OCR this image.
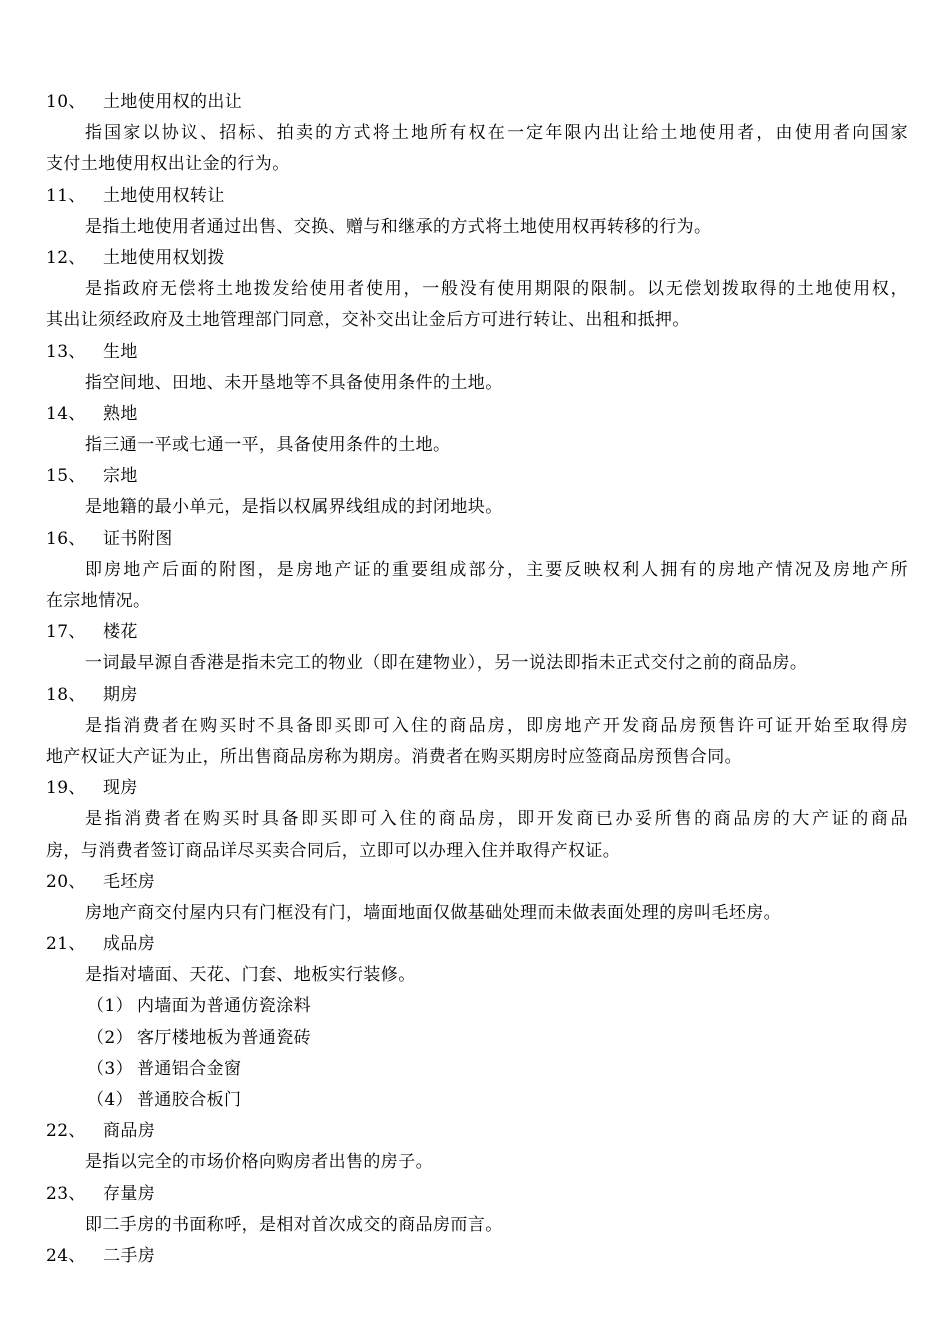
10、 土地使用权的出让
指国家以协议、招标、拍卖的方式将土地所有权在一定年限内出让给土地使用者，由使用者向国家
支付土地使用权出让金的行为。
11、 土地使用权转让
是指土地使用者通过出售、交换、赠与和继承的方式将土地使用权再转移的行为。
12、 土地使用权划拨
是指政府无偿将土地拨发给使用者使用，一般没有使用期限的限制。以无偿划拨取得的土地使用权，
其出让须经政府及土地管理部门同意，交补交出让金后方可进行转让、出租和抵押。
13、 生地
指空间地、田地、未开垦地等不具备使用条件的土地。
14、 熟地
指三通一平或七通一平，具备使用条件的土地。
15、 宗地
是地籍的最小单元，是指以权属界线组成的封闭地块。
16、 证书附图
即房地产后面的附图，是房地产证的重要组成部分，主要反映权利人拥有的房地产情况及房地产所
在宗地情况。
17、 楼花
一词最早源自香港是指未完工的物业（即在建物业），另一说法即指未正式交付之前的商品房。
18、 期房
是指消费者在购买时不具备即买即可入住的商品房，即房地产开发商品房预售许可证开始至取得房
地产权证大产证为止，所出售商品房称为期房。消费者在购买期房时应签商品房预售合同。
19、 现房
是指消费者在购买时具备即买即可入住的商品房，即开发商已办妥所售的商品房的大产证的商品
房，与消费者签订商品详尽买卖合同后，立即可以办理入住并取得产权证。
20、 毛坯房
房地产商交付屋内只有门框没有门，墙面地面仅做基础处理而未做表面处理的房叫毛坯房。
21、 成品房
是指对墙面、天花、门套、地板实行装修。
（1） 内墙面为普通仿瓷涂料
（2） 客厅楼地板为普通瓷砖
（3） 普通铝合金窗
（4） 普通胶合板门
22、 商品房
是指以完全的市场价格向购房者出售的房子。
23、 存量房
即二手房的书面称呼，是相对首次成交的商品房而言。
24、 二手房
